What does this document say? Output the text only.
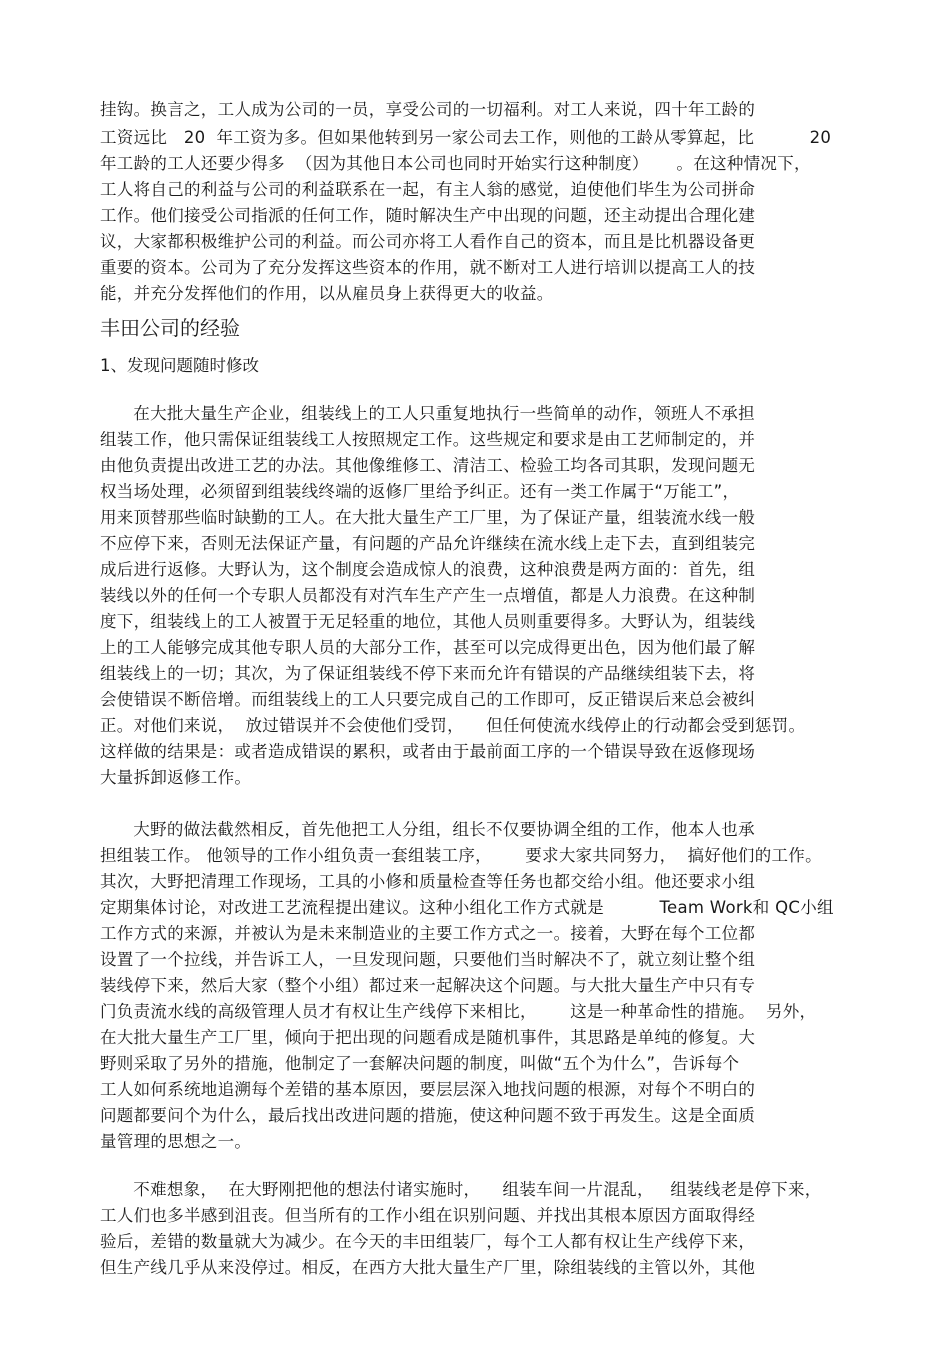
挂钩。换言之，工人成为公司的一员，享受公司的一切福利。对工人来说，四十年工龄的
工资远比   20  年工资为多。但如果他转到另一家公司去工作，则他的工龄从零算起，比          20
年工龄的工人还要少得多  （因为其他日本公司也同时开始实行这种制度）     。在这种情况下，
工人将自己的利益与公司的利益联系在一起，有主人翁的感觉，迫使他们毕生为公司拼命
工作。他们接受公司指派的任何工作，随时解决生产中出现的问题，还主动提出合理化建
议，大家都积极维护公司的利益。而公司亦将工人看作自己的资本，而且是比机器设备更
重要的资本。公司为了充分发挥这些资本的作用，就不断对工人进行培训以提高工人的技
能，并充分发挥他们的作用，以从雇员身上获得更大的收益。
丰田公司的经验
1、发现问题随时修改
在大批大量生产企业，组装线上的工人只重复地执行一些简单的动作，领班人不承担
组装工作，他只需保证组装线工人按照规定工作。这些规定和要求是由工艺师制定的，并
由他负责提出改进工艺的办法。其他像维修工、清洁工、检验工均各司其职，发现问题无
权当场处理，必须留到组装线终端的返修厂里给予纠正。还有一类工作属于“万能工”，
用来顶替那些临时缺勤的工人。在大批大量生产工厂里，为了保证产量，组装流水线一般
不应停下来，否则无法保证产量，有问题的产品允许继续在流水线上走下去，直到组装完
成后进行返修。大野认为，这个制度会造成惊人的浪费，这种浪费是两方面的：首先，组
装线以外的任何一个专职人员都没有对汽车生产产生一点增值，都是人力浪费。在这种制
度下，组装线上的工人被置于无足轻重的地位，其他人员则重要得多。大野认为，组装线
上的工人能够完成其他专职人员的大部分工作，甚至可以完成得更出色，因为他们最了解
组装线上的一切；其次，为了保证组装线不停下来而允许有错误的产品继续组装下去，将
会使错误不断倍增。而组装线上的工人只要完成自己的工作即可，反正错误后来总会被纠
正。对他们来说，  放过错误并不会使他们受罚，    但任何使流水线停止的行动都会受到惩罚。
这样做的结果是：或者造成错误的累积，或者由于最前面工序的一个错误导致在返修现场
大量拆卸返修工作。
大野的做法截然相反，首先他把工人分组，组长不仅要协调全组的工作，他本人也承
担组装工作。 他领导的工作小组负责一套组装工序，      要求大家共同努力，  搞好他们的工作。
其次，大野把清理工作现场，工具的小修和质量检查等任务也都交给小组。他还要求小组
定期集体讨论，对改进工艺流程提出建议。这种小组化工作方式就是          Team Work和 QC小组
工作方式的来源，并被认为是未来制造业的主要工作方式之一。接着，大野在每个工位都
设置了一个拉线，并告诉工人，一旦发现问题，只要他们当时解决不了，就立刻让整个组
装线停下来，然后大家（整个小组）都过来一起解决这个问题。与大批大量生产中只有专
门负责流水线的高级管理人员才有权让生产线停下来相比，      这是一种革命性的措施。  另外，
在大批大量生产工厂里，倾向于把出现的问题看成是随机事件，其思路是单纯的修复。大
野则采取了另外的措施，他制定了一套解决问题的制度，叫做“五个为什么”，告诉每个
工人如何系统地追溯每个差错的基本原因，要层层深入地找问题的根源，对每个不明白的
问题都要问个为什么，最后找出改进问题的措施，使这种问题不致于再发生。这是全面质
量管理的思想之一。
不难想象，  在大野刚把他的想法付诸实施时，    组装车间一片混乱，   组装线老是停下来，
工人们也多半感到沮丧。但当所有的工作小组在识别问题、并找出其根本原因方面取得经
验后，差错的数量就大为减少。在今天的丰田组装厂，每个工人都有权让生产线停下来，
但生产线几乎从来没停过。相反，在西方大批大量生产厂里，除组装线的主管以外，其他
